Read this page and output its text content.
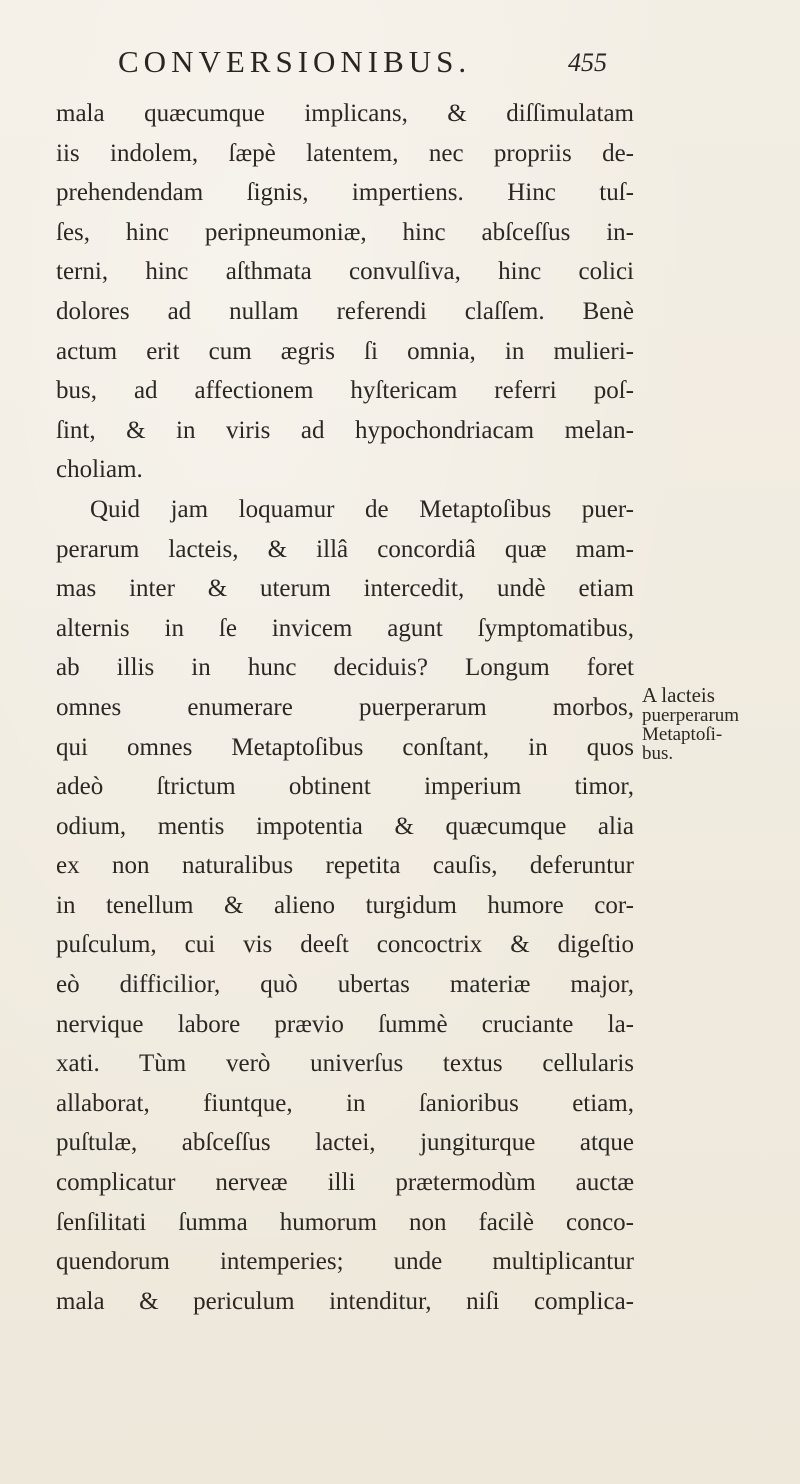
CONVERSIONIBUS.	455
mala quæcumque implicans, & diſſimulatam
iis indolem, ſæpè latentem, nec propriis de-
prehendendam ſignis, impertiens. Hinc tuſ-
ſes, hinc peripneumoniæ, hinc abſceſſus in-
terni, hinc aſthmata convulſiva, hinc colici
dolores ad nullam referendi claſſem. Benè
actum erit cum ægris ſi omnia, in mulieri-
bus, ad affectionem hyſtericam referri poſ-
ſint, & in viris ad hypochondriacam melan-
choliam.
Quid jam loquamur de Metaptoſibus puer-
perarum lacteis, & illâ concordiâ quæ mam-
mas inter & uterum intercedit, undè etiam
alternis in ſe invicem agunt ſymptomatibus,
ab illis in hunc deciduis? Longum foret
omnes enumerare puerperarum morbos,
qui omnes Metaptoſibus conſtant, in quos
adeò ſtrictum obtinent imperium timor,
odium, mentis impotentia & quæcumque alia
ex non naturalibus repetita cauſis, deferuntur
in tenellum & alieno turgidum humore cor-
puſculum, cui vis deeſt concoctrix & digeſtio
eò difficilior, quò ubertas materiæ major,
nervique labore prævio ſummè cruciante la-
xati. Tùm verò univerſus textus cellularis
allaborat, fiuntque, in ſanioribus etiam,
puſtulæ, abſceſſus lactei, jungiturque atque
complicatur nerveæ illi prætermodùm auctæ
ſenſilitati ſumma humorum non facilè conco-
quendorum intemperies; unde multiplicantur
mala & periculum intenditur, niſi complica-
A lacteis
puerperarum
Metaptoſi-
bus.
